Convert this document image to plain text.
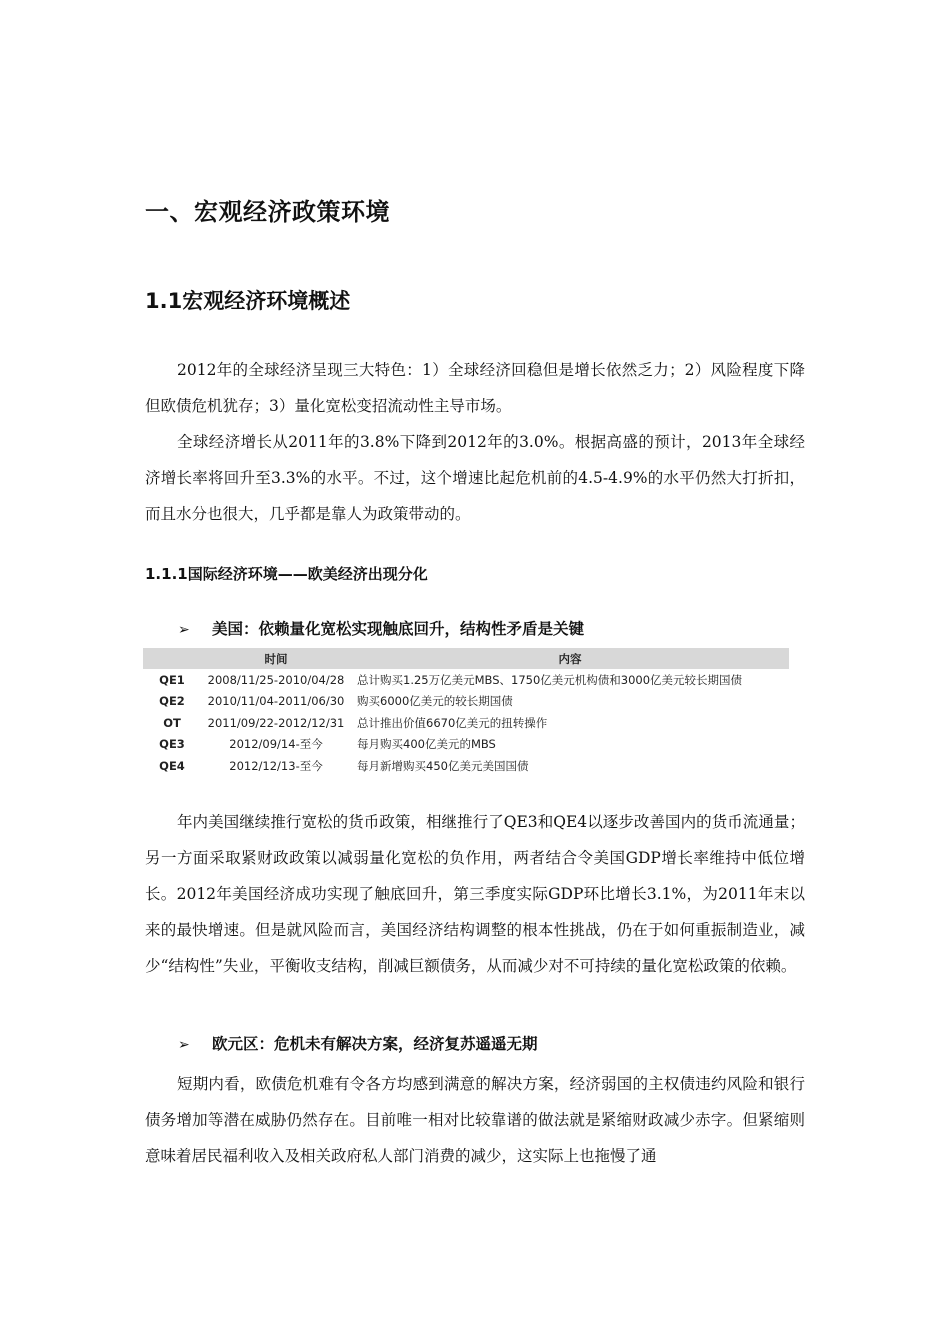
一、宏观经济政策环境
1.1宏观经济环境概述

2012年的全球经济呈现三大特色：1）全球经济回稳但是增长依然乏力；2）风险程度下降但欧债危机犹存；3）量化宽松变招流动性主导市场。

全球经济增长从2011年的3.8%下降到2012年的3.0%。根据高盛的预计，2013年全球经济增长率将回升至3.3%的水平。不过，这个增速比起危机前的4.5-4.9%的水平仍然大打折扣，而且水分也很大，几乎都是靠人为政策带动的。

1.1.1国际经济环境——欧美经济出现分化

➢ 美国：依赖量化宽松实现触底回升，结构性矛盾是关键

	时间	内容
QE1	2008/11/25-2010/04/28	总计购买1.25万亿美元MBS、1750亿美元机构债和3000亿美元较长期国债
QE2	2010/11/04-2011/06/30	购买6000亿美元的较长期国债
OT	2011/09/22-2012/12/31	总计推出价值6670亿美元的扭转操作
QE3	2012/09/14-至今	每月购买400亿美元的MBS
QE4	2012/12/13-至今	每月新增购买450亿美元美国国债

年内美国继续推行宽松的货币政策，相继推行了QE3和QE4以逐步改善国内的货币流通量；另一方面采取紧财政政策以减弱量化宽松的负作用，两者结合令美国GDP增长率维持中低位增长。2012年美国经济成功实现了触底回升，第三季度实际GDP环比增长3.1%，为2011年末以来的最快增速。但是就风险而言，美国经济结构调整的根本性挑战，仍在于如何重振制造业，减少“结构性”失业，平衡收支结构，削减巨额债务，从而减少对不可持续的量化宽松政策的依赖。

➢ 欧元区：危机未有解决方案，经济复苏遥遥无期

短期内看，欧债危机难有令各方均感到满意的解决方案，经济弱国的主权债违约风险和银行债务增加等潜在威胁仍然存在。目前唯一相对比较靠谱的做法就是紧缩财政减少赤字。但紧缩则意味着居民福利收入及相关政府私人部门消费的减少，这实际上也拖慢了通
